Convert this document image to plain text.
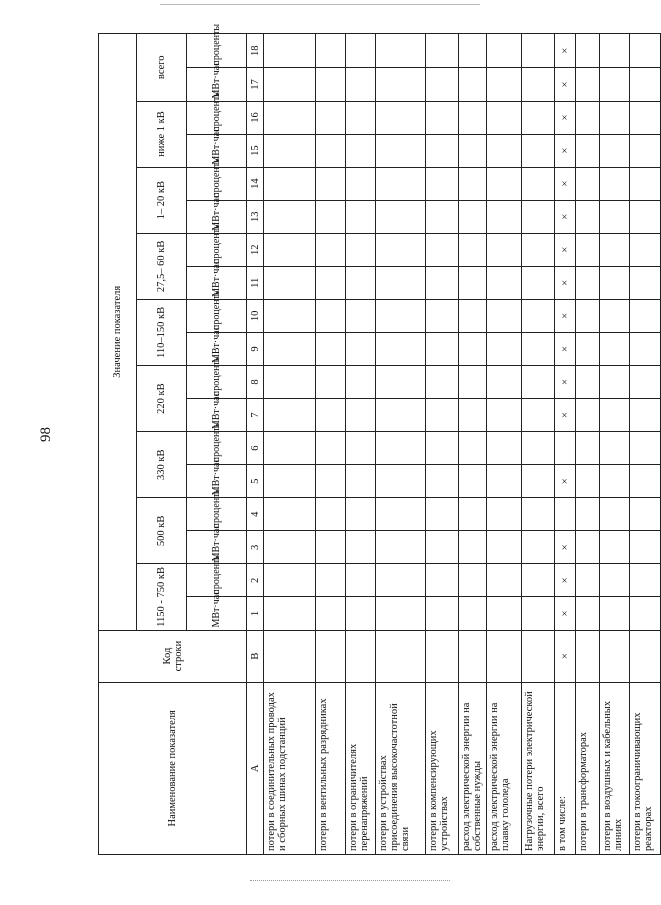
98
Наименование показателя	Код строки	Значение показателя																	
		1150 - 750 кВ		500 кВ		330 кВ		220 кВ		110–150 кВ		27,5– 60 кВ		1– 20 кВ		ниже 1 кВ		всего	
		МВт·час	проценты	МВт·час	проценты	МВт·час	проценты	МВт·час	проценты	МВт·час	проценты	МВт·час	проценты	МВт·час	проценты	МВт·час	проценты	МВт·час	проценты
А	В	1	2	3	4	5	6	7	8	9	10	11	12	13	14	15	16	17	18
потери в соединительных проводах и сборных шинах подстанций																			
потери в вентильных разрядниках																			
потери в ограничителях перенапряжений																			
потери в устройствах присоединения высокочастотной связи																			
потери в компенсирующих устройствах																			
расход электрической энергии на собственные нужды																			
расход электрической энергии на плавку гололеда																			
Нагрузочные потери электрической энергии, всего																			
в том числе:	×	×	×	×		×		×	×	×	×	×	×	×	×	×	×	×	×
потери в трансформаторах																			
потери в воздушных и кабельных линиях																			
потери в токоограничивающих реакторах																			
